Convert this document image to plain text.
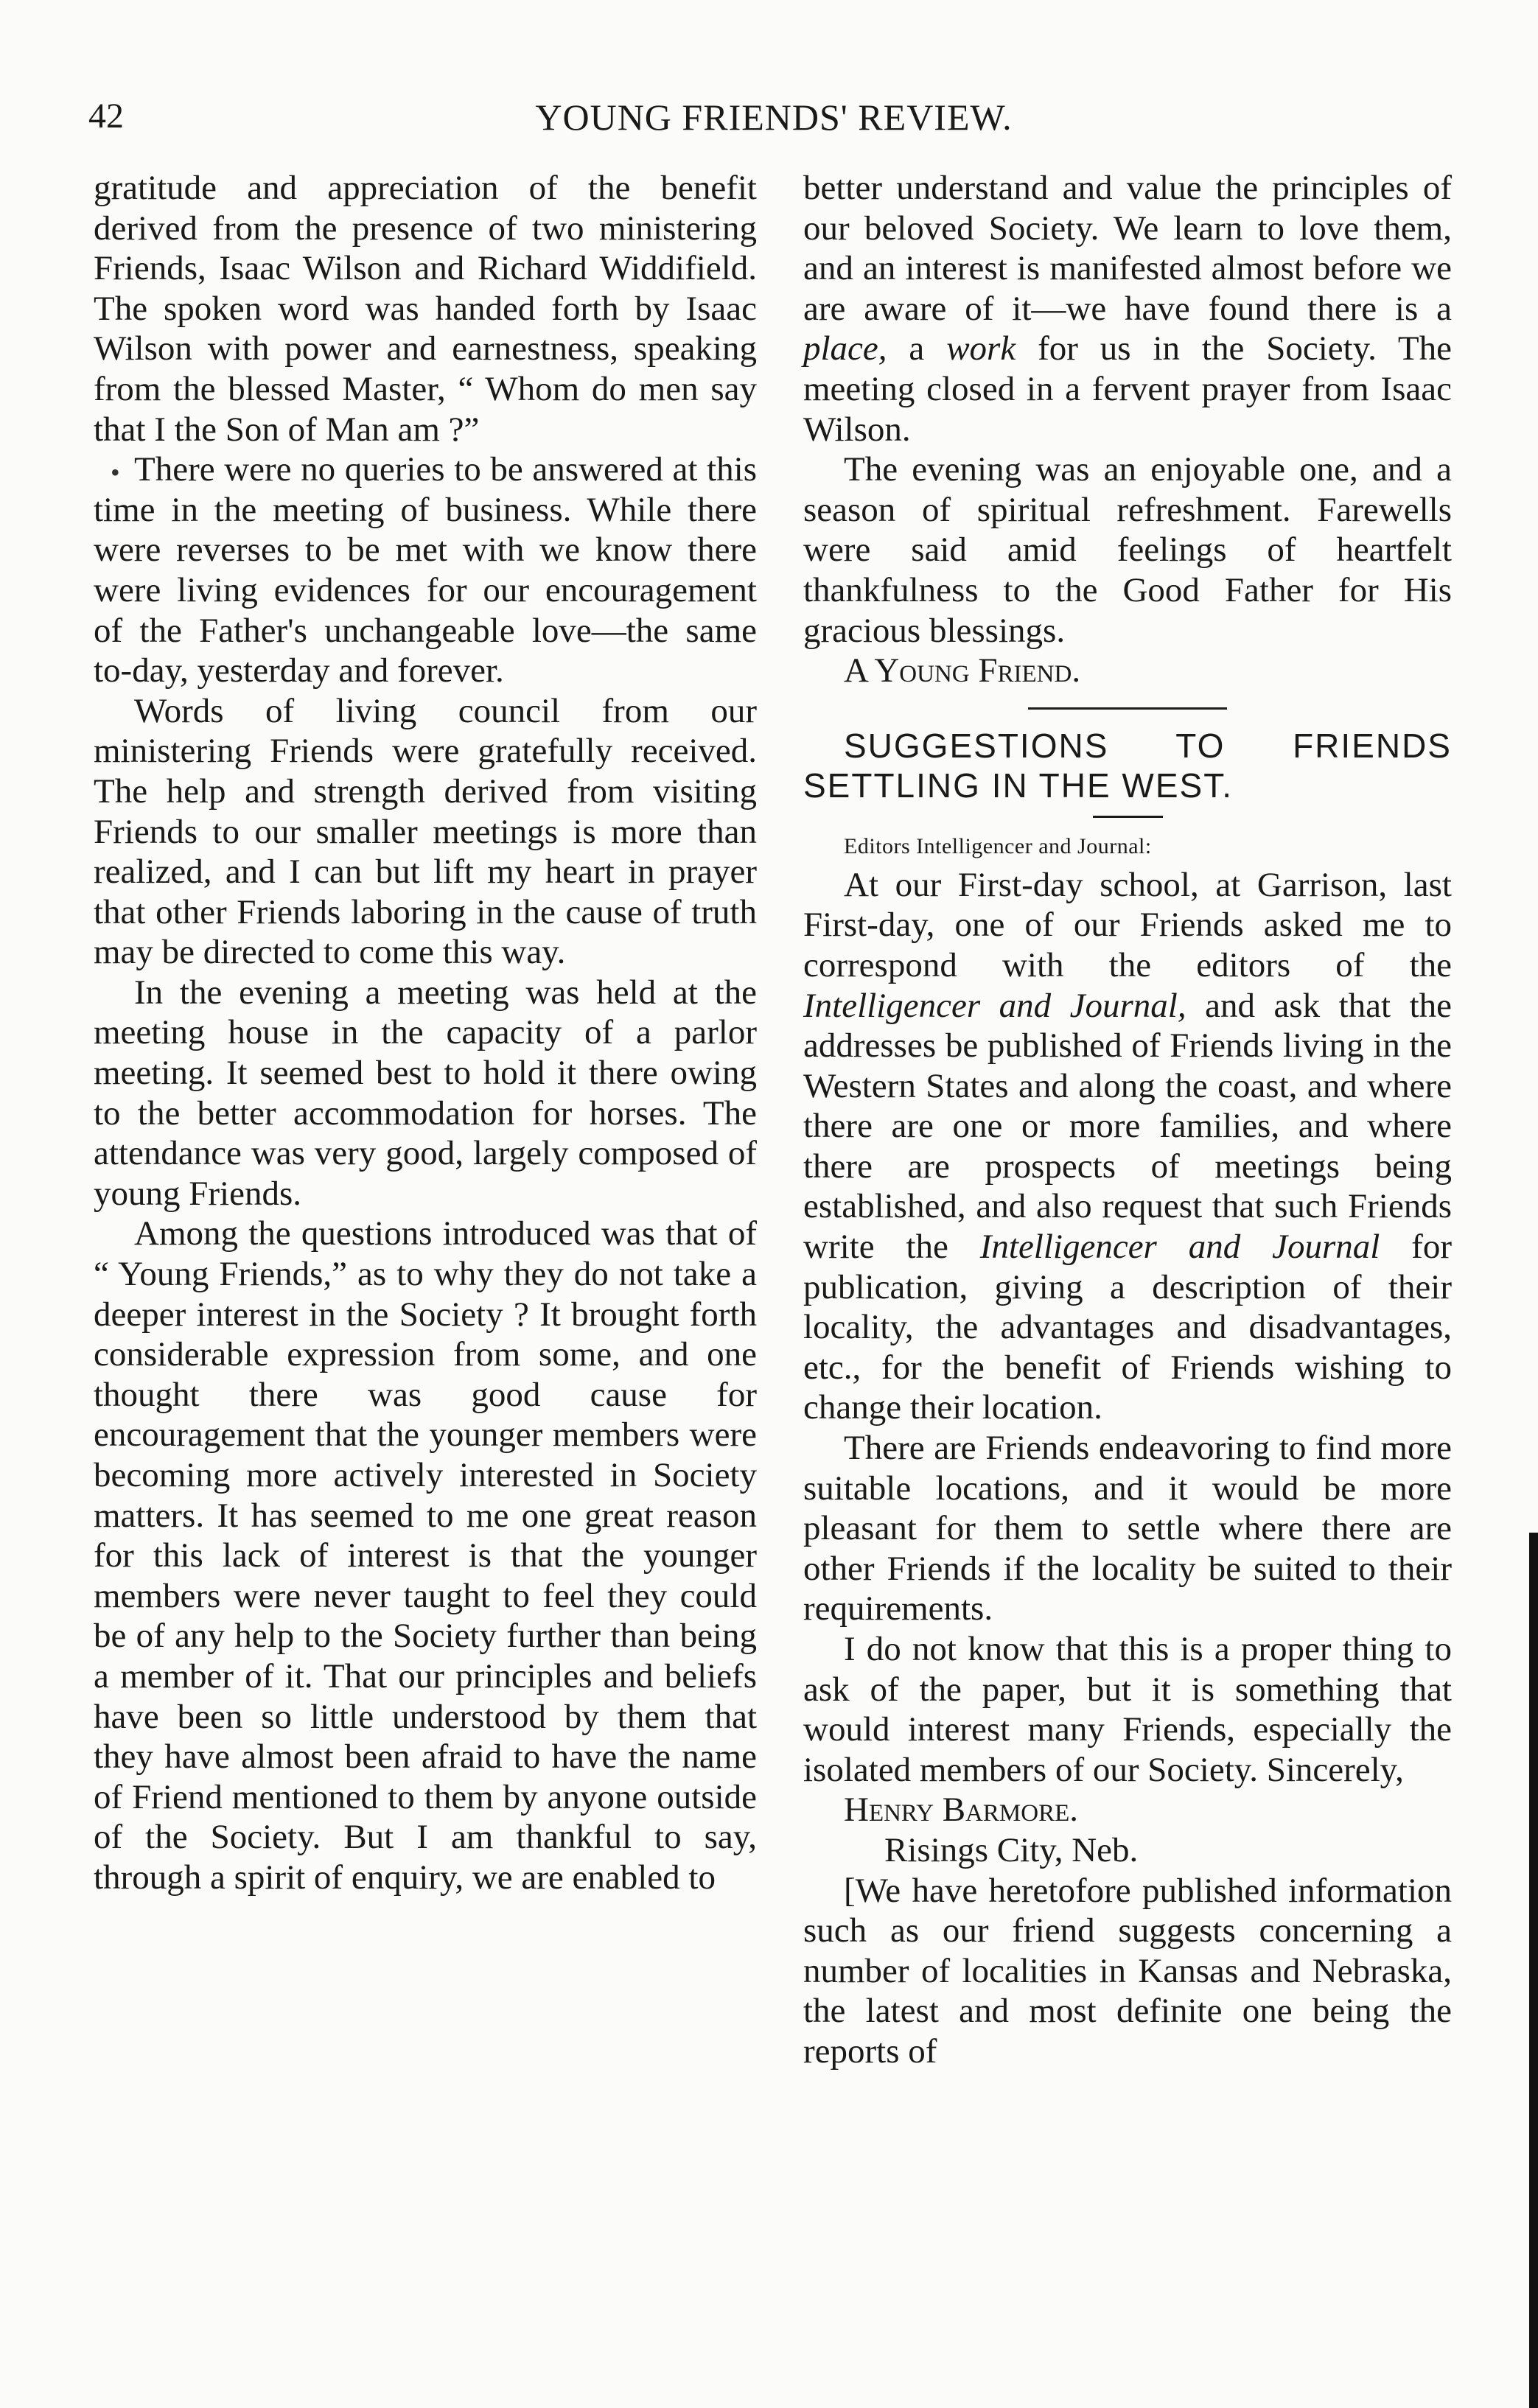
42	YOUNG FRIENDS' REVIEW.

gratitude and appreciation of the benefit derived from the presence of two ministering Friends, Isaac Wilson and Richard Widdifield. The spoken word was handed forth by Isaac Wilson with power and earnestness, speaking from the blessed Master, “ Whom do men say that I the Son of Man am ?”

There were no queries to be answered at this time in the meeting of business. While there were reverses to be met with we know there were living evidences for our encouragement of the Father's unchangeable love—the same to-day, yesterday and forever.

Words of living council from our ministering Friends were gratefully received. The help and strength derived from visiting Friends to our smaller meetings is more than realized, and I can but lift my heart in prayer that other Friends laboring in the cause of truth may be directed to come this way.

In the evening a meeting was held at the meeting house in the capacity of a parlor meeting. It seemed best to hold it there owing to the better accommodation for horses. The attendance was very good, largely composed of young Friends.

Among the questions introduced was that of “ Young Friends,” as to why they do not take a deeper interest in the Society ? It brought forth considerable expression from some, and one thought there was good cause for encouragement that the younger members were becoming more actively interested in Society matters. It has seemed to me one great reason for this lack of interest is that the younger members were never taught to feel they could be of any help to the Society further than being a member of it. That our principles and beliefs have been so little understood by them that they have almost been afraid to have the name of Friend mentioned to them by anyone outside of the Society. But I am thankful to say, through a spirit of enquiry, we are enabled to

better understand and value the principles of our beloved Society. We learn to love them, and an interest is manifested almost before we are aware of it—we have found there is a place, a work for us in the Society. The meeting closed in a fervent prayer from Isaac Wilson.

The evening was an enjoyable one, and a season of spiritual refreshment. Farewells were said amid feelings of heartfelt thankfulness to the Good Father for His gracious blessings.

A Young Friend.

SUGGESTIONS TO FRIENDS SETTLING IN THE WEST.

Editors Intelligencer and Journal:

At our First-day school, at Garrison, last First-day, one of our Friends asked me to correspond with the editors of the Intelligencer and Journal, and ask that the addresses be published of Friends living in the Western States and along the coast, and where there are one or more families, and where there are prospects of meetings being established, and also request that such Friends write the Intelligencer and Journal for publication, giving a description of their locality, the advantages and disadvantages, etc., for the benefit of Friends wishing to change their location.

There are Friends endeavoring to find more suitable locations, and it would be more pleasant for them to settle where there are other Friends if the locality be suited to their requirements.

I do not know that this is a proper thing to ask of the paper, but it is something that would interest many Friends, especially the isolated members of our Society. Sincerely,

Henry Barmore.

Risings City, Neb.

[We have heretofore published information such as our friend suggests concerning a number of localities in Kansas and Nebraska, the latest and most definite one being the reports of

•
